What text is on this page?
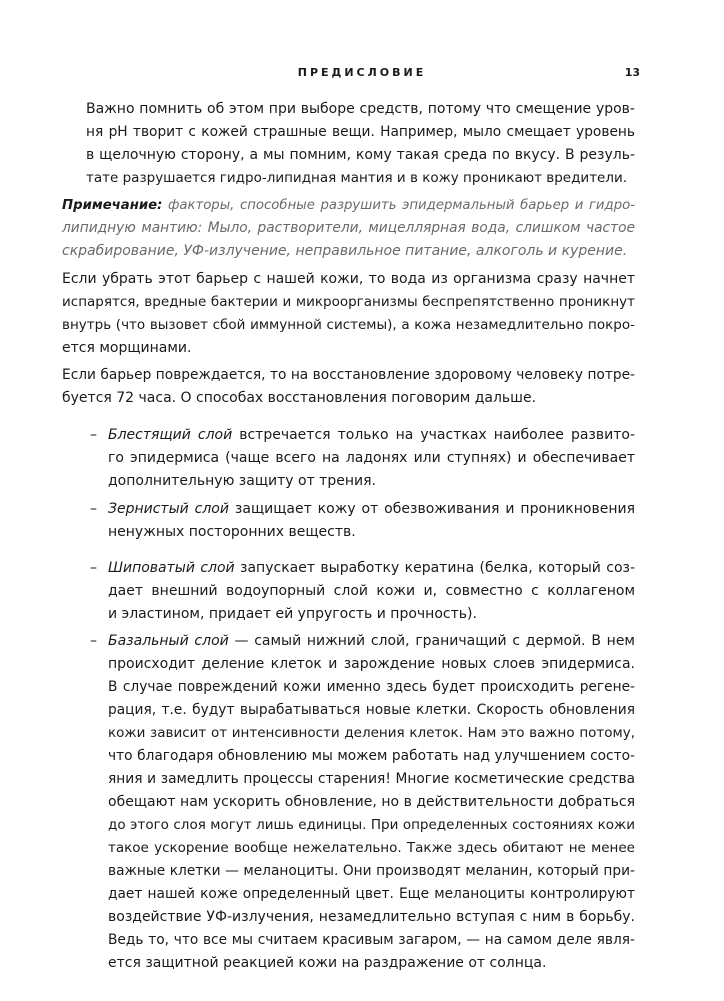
ПРЕДИСЛОВИЕ	13
Важно помнить об этом при выборе средств, потому что смещение уров-
ня pH творит с кожей страшные вещи. Например, мыло смещает уровень
в щелочную сторону, а мы помним, кому такая среда по вкусу. В резуль-
тате разрушается гидро-липидная мантия и в кожу проникают вредители.
Примечание: факторы, способные разрушить эпидермальный барьер и гидро-
липидную мантию: Мыло, растворители, мицеллярная вода, слишком частое
скрабирование, УФ-излучение, неправильное питание, алкоголь и курение.
Если убрать этот барьер с нашей кожи, то вода из организма сразу начнет
испарятся, вредные бактерии и микроорганизмы беспрепятственно проникнут
внутрь (что вызовет сбой иммунной системы), а кожа незамедлительно покро-
ется морщинами.
Если барьер повреждается, то на восстановление здоровому человеку потре-
буется 72 часа. О способах восстановления поговорим дальше.
– Блестящий слой встречается только на участках наиболее развито-
го эпидермиса (чаще всего на ладонях или ступнях) и обеспечивает
дополнительную защиту от трения.
– Зернистый слой защищает кожу от обезвоживания и проникновения
ненужных посторонних веществ.
– Шиповатый слой запускает выработку кератина (белка, который соз-
дает внешний водоупорный слой кожи и, совместно с коллагеном
и эластином, придает ей упругость и прочность).
– Базальный слой — самый нижний слой, граничащий с дермой. В нем
происходит деление клеток и зарождение новых слоев эпидермиса.
В случае повреждений кожи именно здесь будет происходить регене-
рация, т.е. будут вырабатываться новые клетки. Скорость обновления
кожи зависит от интенсивности деления клеток. Нам это важно потому,
что благодаря обновлению мы можем работать над улучшением состо-
яния и замедлить процессы старения! Многие косметические средства
обещают нам ускорить обновление, но в действительности добраться
до этого слоя могут лишь единицы. При определенных состояниях кожи
такое ускорение вообще нежелательно. Также здесь обитают не менее
важные клетки — меланоциты. Они производят меланин, который при-
дает нашей коже определенный цвет. Еще меланоциты контролируют
воздействие УФ-излучения, незамедлительно вступая с ним в борьбу.
Ведь то, что все мы считаем красивым загаром, — на самом деле явля-
ется защитной реакцией кожи на раздражение от солнца.
